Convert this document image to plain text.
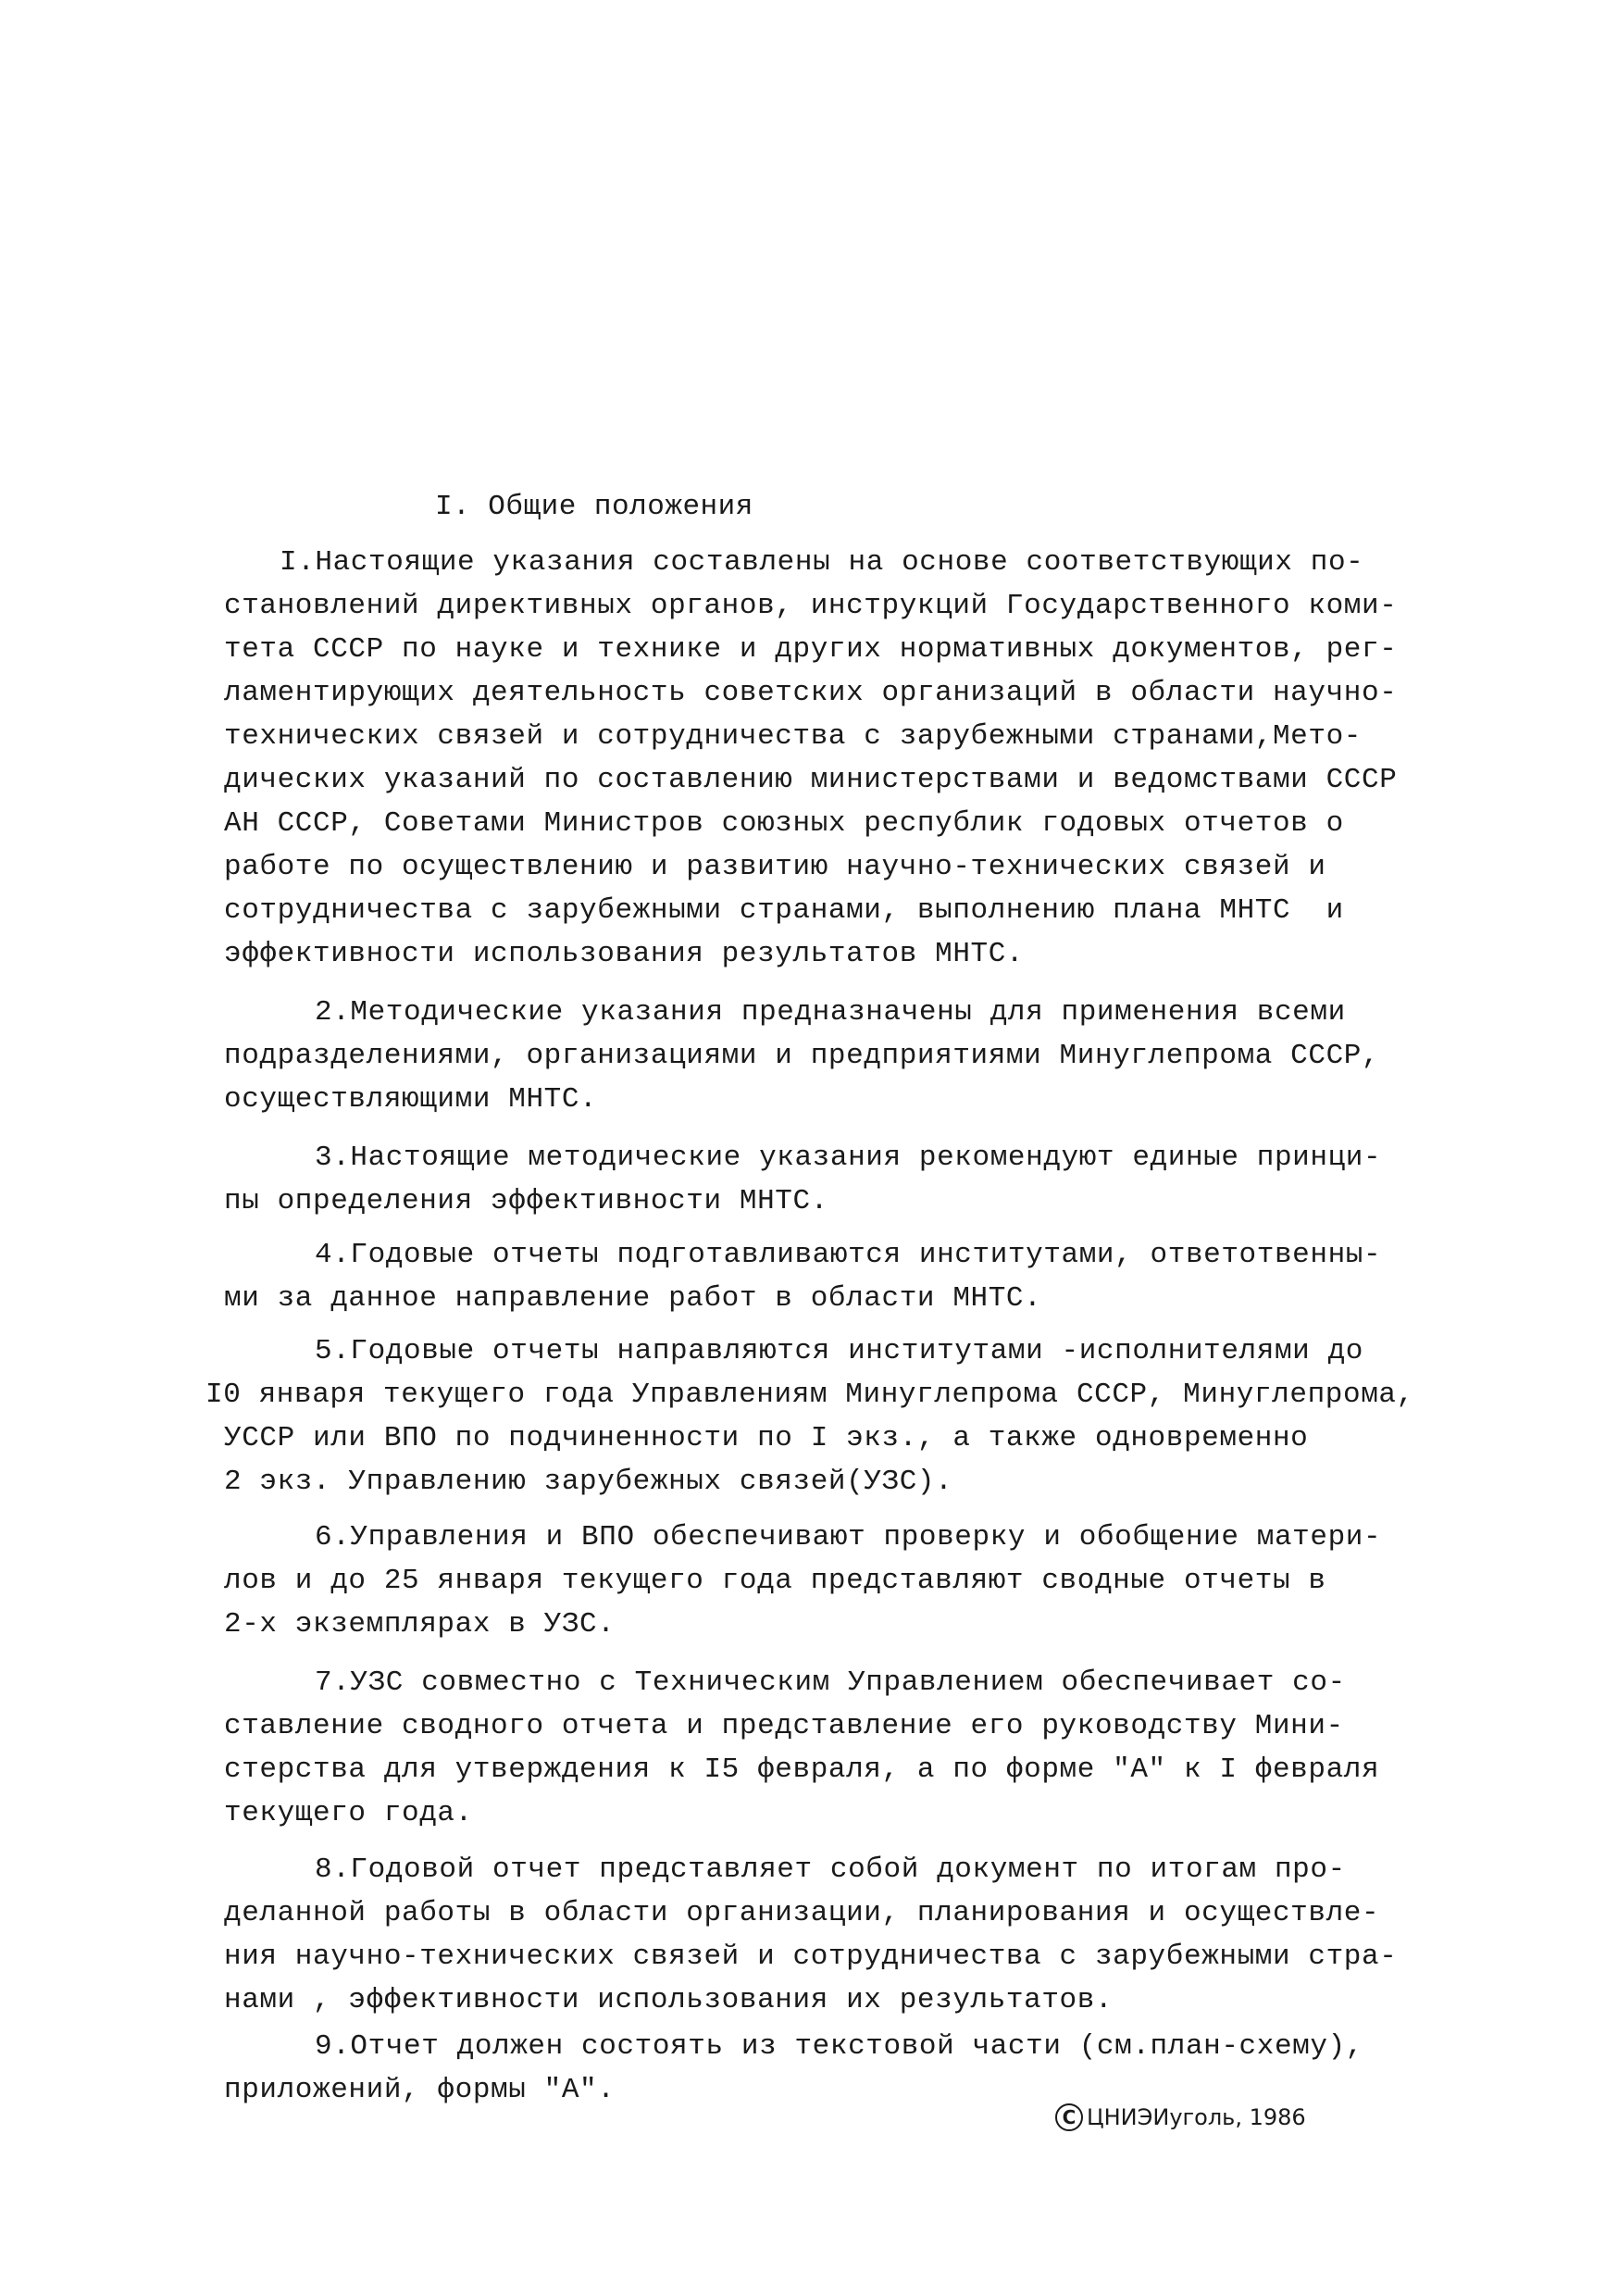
I. Общие положения
I.Настоящие указания составлены на основе соответствующих по-
становлений директивных органов, инструкций Государственного коми-
тета СССР по науке и технике и других нормативных документов, рег-
ламентирующих деятельность советских организаций в области научно-
технических связей и сотрудничества с зарубежными странами,Мето-
дических указаний по составлению министерствами и ведомствами СССР
АН СССР, Советами Министров союзных республик годовых отчетов о
работе по осуществлению и развитию научно-технических связей и
сотрудничества с зарубежными странами, выполнению плана МНТС  и
эффективности использования результатов МНТС.
2.Методические указания предназначены для применения всеми
подразделениями, организациями и предприятиями Минуглепрома СССР,
осуществляющими МНТС.
3.Настоящие методические указания рекомендуют единые принци-
пы определения эффективности МНТС.
4.Годовые отчеты подготавливаются институтами, ответотвенны-
ми за данное направление работ в области МНТС.
5.Годовые отчеты направляются институтами -исполнителями до
I0 января текущего года Управлениям Минуглепрома СССР, Минуглепрома,
УССР или ВПО по подчиненности по I экз., а также одновременно
2 экз. Управлению зарубежных связей(УЗС).
6.Управления и ВПО обеспечивают проверку и обобщение матери-
лов и до 25 января текущего года представляют сводные отчеты в
2-х экземплярах в УЗС.
7.УЗС совместно с Техническим Управлением обеспечивает со-
ставление сводного отчета и представление его руководству Мини-
стерства для утверждения к I5 февраля, а по форме "А" к I февраля
текущего года.
8.Годовой отчет представляет собой документ по итогам про-
деланной работы в области организации, планирования и осуществле-
ния научно-технических связей и сотрудничества с зарубежными стра-
нами , эффективности использования их результатов.
9.Отчет должен состоять из текстовой части (см.план-схему),
приложений, формы "А".
C ЦНИЭИуголь, 1986
